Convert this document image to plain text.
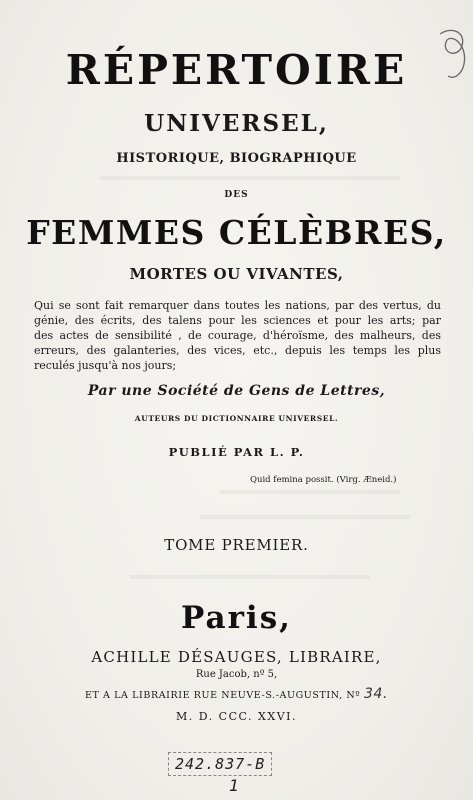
RÉPERTOIRE
UNIVERSEL,
HISTORIQUE, BIOGRAPHIQUE
DES
FEMMES CÉLÈBRES,
MORTES OU VIVANTES,
Qui se sont fait remarquer dans toutes les nations, par des vertus, du
génie, des écrits, des talens pour les sciences et pour les arts; par
des actes de sensibilité , de courage, d'héroïsme, des malheurs, des
erreurs, des galanteries, des vices, etc., depuis les temps les plus
reculés jusqu'à nos jours;
Par une Société de Gens de Lettres,
AUTEURS DU DICTIONNAIRE UNIVERSEL.
PUBLIÉ PAR L. P.
Quid femina possit. (Virg. Æneid.)
TOME PREMIER.
Paris,
ACHILLE DÉSAUGES, LIBRAIRE,
Rue Jacob, nº 5,
ET A LA LIBRAIRIE RUE NEUVE-S.-AUGUSTIN, Nº 34.
M. D. CCC. XXVI.
242.837-B
1
